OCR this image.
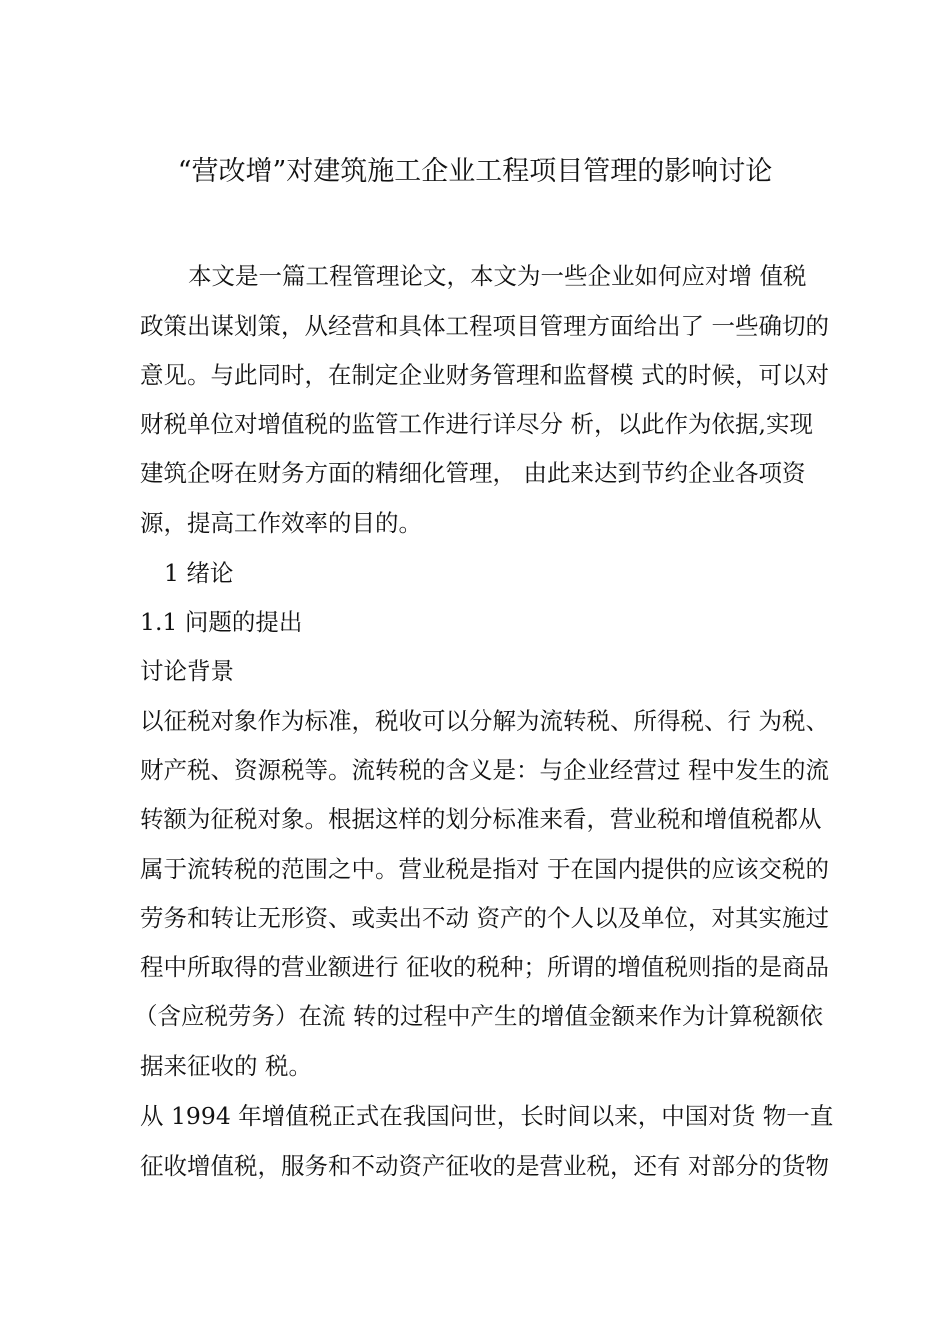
“营改增”对建筑施工企业工程项目管理的影响讨论
本文是一篇工程管理论文，本文为一些企业如何应对增 值税
政策出谋划策，从经营和具体工程项目管理方面给出了 一些确切的
意见。与此同时，在制定企业财务管理和监督模 式的时候，可以对
财税单位对增值税的监管工作进行详尽分 析，以此作为依据,实现
建筑企呀在财务方面的精细化管理， 由此来达到节约企业各项资
源，提高工作效率的目的。
1 绪论
1.1 问题的提出
讨论背景
以征税对象作为标准，税收可以分解为流转税、所得税、行 为税、
财产税、资源税等。流转税的含义是：与企业经营过 程中发生的流
转额为征税对象。根据这样的划分标准来看，营业税和增值税都从
属于流转税的范围之中。营业税是指对 于在国内提供的应该交税的
劳务和转让无形资、或卖出不动 资产的个人以及单位，对其实施过
程中所取得的营业额进行 征收的税种；所谓的增值税则指的是商品
（含应税劳务）在流 转的过程中产生的增值金额来作为计算税额依
据来征收的 税。
从 1994 年增值税正式在我国问世，长时间以来，中国对货 物一直
征收增值税，服务和不动资产征收的是营业税，还有 对部分的货物
